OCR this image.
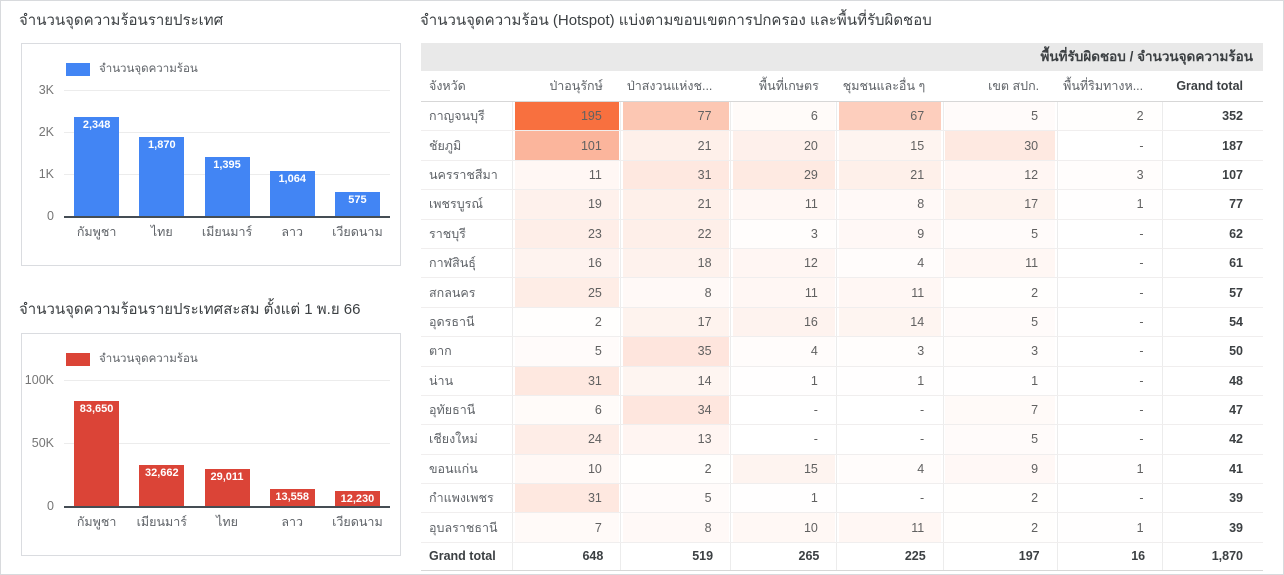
จำนวนจุดความร้อนรายประเทศ
จำนวนจุดความร้อน
3K
2K
1K
0
2,348
1,870
1,395
1,064
575
กัมพูชา	ไทย	เมียนมาร์	ลาว	เวียดนาม
จำนวนจุดความร้อนรายประเทศสะสม ตั้งแต่ 1 พ.ย 66
จำนวนจุดความร้อน
100K
50K
0
83,650
32,662	29,011
13,558	12,230
กัมพูชา	เมียนมาร์	ไทย	ลาว	เวียดนาม
จำนวนจุดความร้อน (Hotspot) แบ่งตามขอบเขตการปกครอง และพื้นที่รับผิดชอบ
พื้นที่รับผิดชอบ / จำนวนจุดความร้อน
จังหวัด	ป่าอนุรักษ์	ป่าสงวนแห่งช...	พื้นที่เกษตร	ชุมชนและอื่น ๆ	เขต สปก.	พื้นที่ริมทางห...	Grand total
กาญจนบุรี	195	77	6	67	5	2	352
ชัยภูมิ	101	21	20	15	30	-	187
นครราชสีมา	11	31	29	21	12	3	107
เพชรบูรณ์	19	21	11	8	17	1	77
ราชบุรี	23	22	3	9	5	-	62
กาฬสินธุ์	16	18	12	4	11	-	61
สกลนคร	25	8	11	11	2	-	57
อุดรธานี	2	17	16	14	5	-	54
ตาก	5	35	4	3	3	-	50
น่าน	31	14	1	1	1	-	48
อุทัยธานี	6	34	-	-	7	-	47
เชียงใหม่	24	13	-	-	5	-	42
ขอนแก่น	10	2	15	4	9	1	41
กำแพงเพชร	31	5	1	-	2	-	39
อุบลราชธานี	7	8	10	11	2	1	39
Grand total	648	519	265	225	197	16	1,870
